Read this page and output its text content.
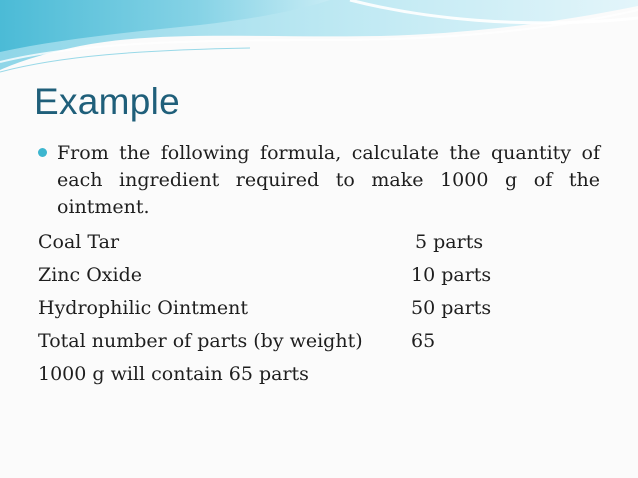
Example
From the following formula, calculate the quantity of each ingredient required to make 1000 g of the ointment.
Coal Tar	5 parts
Zinc Oxide	10 parts
Hydrophilic Ointment	50 parts
Total number of parts (by weight)	65
1000 g will contain 65 parts
